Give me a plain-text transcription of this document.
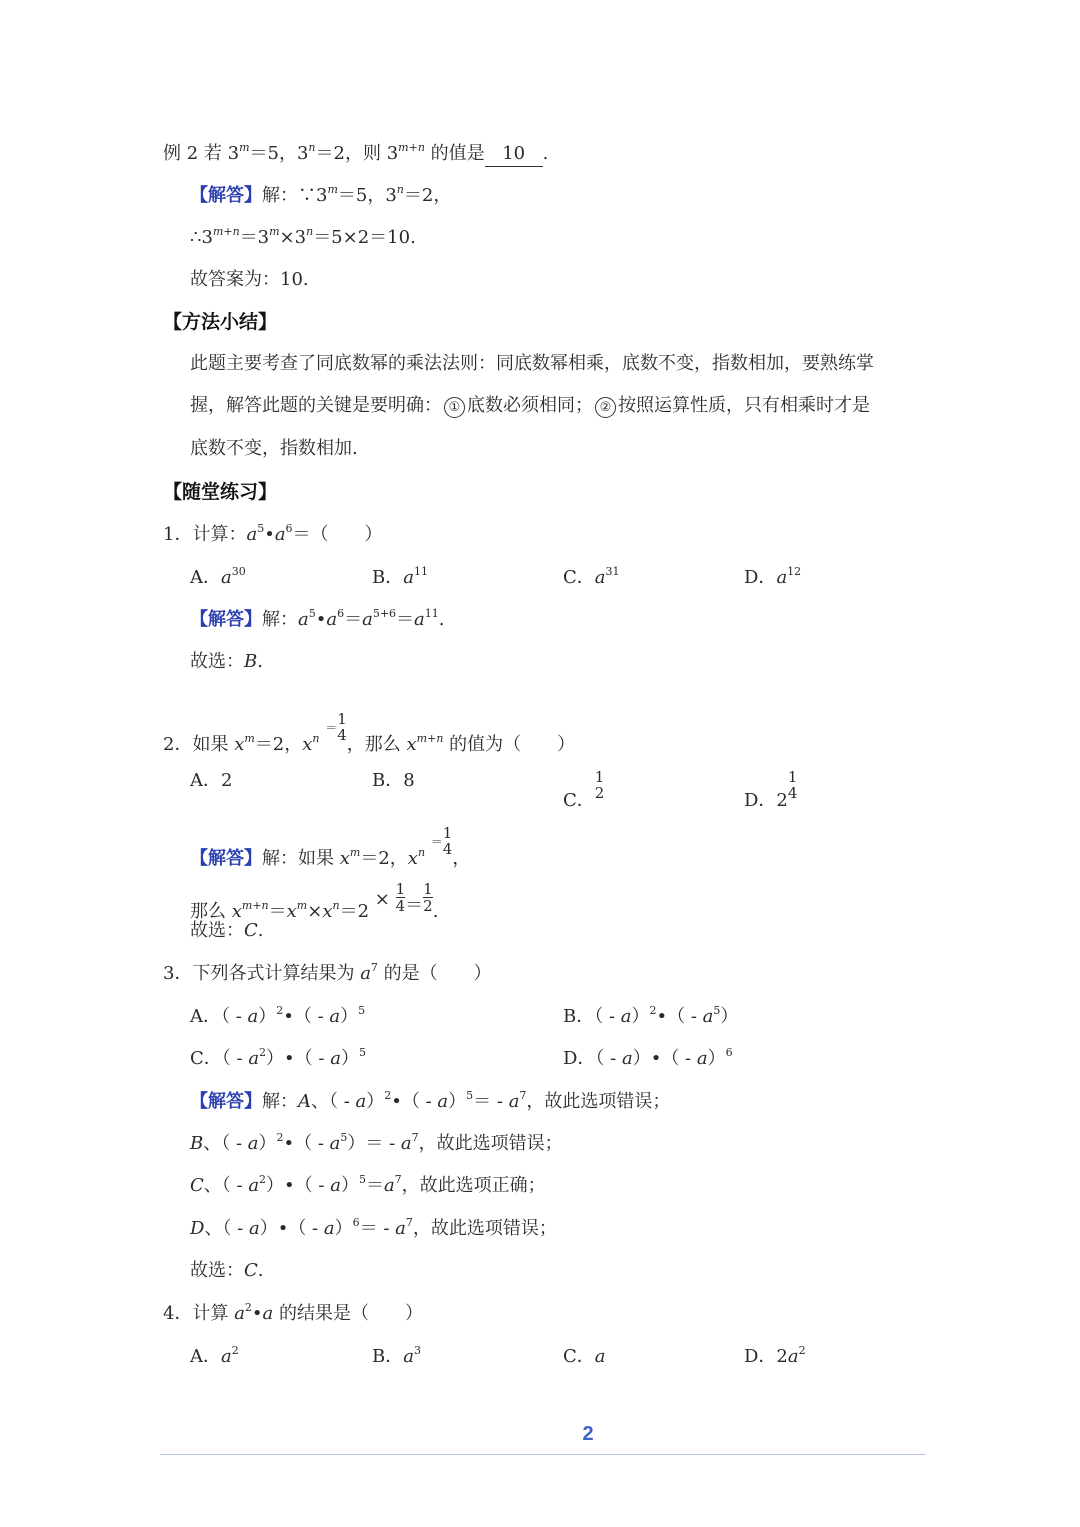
例 2 若 $3^m=5$，$3^n=2$，则 $3^{m+n}$ 的值是 10 .
【解答】解：$\because 3^m=5$，$3^n=2$，
$\therefore 3^{m+n}=3^m\times 3^n=5\times 2=10$.
故答案为：10.
【方法小结】
此题主要考查了同底数幂的乘法法则：同底数幂相乘，底数不变，指数相加，要熟练掌
握，解答此题的关键是要明确： ① 底数必须相同； ② 按照运算性质，只有相乘时才是
底数不变，指数相加.
【随堂练习】
1．计算：$a^5•a^6=$（　　）
A．$a^{30}$	B．$a^{11}$	C．$a^{31}$	D．$a^{12}$
【解答】解：$a^5•a^6=a^{5+6}=a^{11}$.
故选：B.
2．如果 $x^m=2$，$x^n$ ＝ 1
4 ，那么 $x^{m+n}$ 的值为（　　）
A．2	B．8
C．
1
2	D．2
1
4
【解答】解：如果 $x^m=2$，$x^n$ ＝ 1
4 ，
那么 $x^{m+n}=x^m\times x^n=2 \times \frac{1}{4} = \frac{1}{2}$ .
故选：C.
3．下列各式计算结果为 $a^7$ 的是（　　）
A．（ - a）$^2$•（ - a）$^5$	B．（ - a）$^2$•（ - $a^5$）
C．（ - $a^2)•( - a)^5$	D．（ - a）•（ - a）$^6$
【解答】解：A、（ - a）$^2$•（ - $a)^5= - a^7$，故此选项错误；
B、（ - a）$^2$•（ - $a^5)= - a^7$，故此选项错误；
C、（ - $a^2)•( - a)^5=a^7$，故此选项正确；
D、（ - a）•（ - $a)^6= - a^7$，故此选项错误；
故选：C.
4．计算 $a^2•a$ 的结果是（　　）
A．$a^2$	B．$a^3$	C．a	D．$2a^2$
2
